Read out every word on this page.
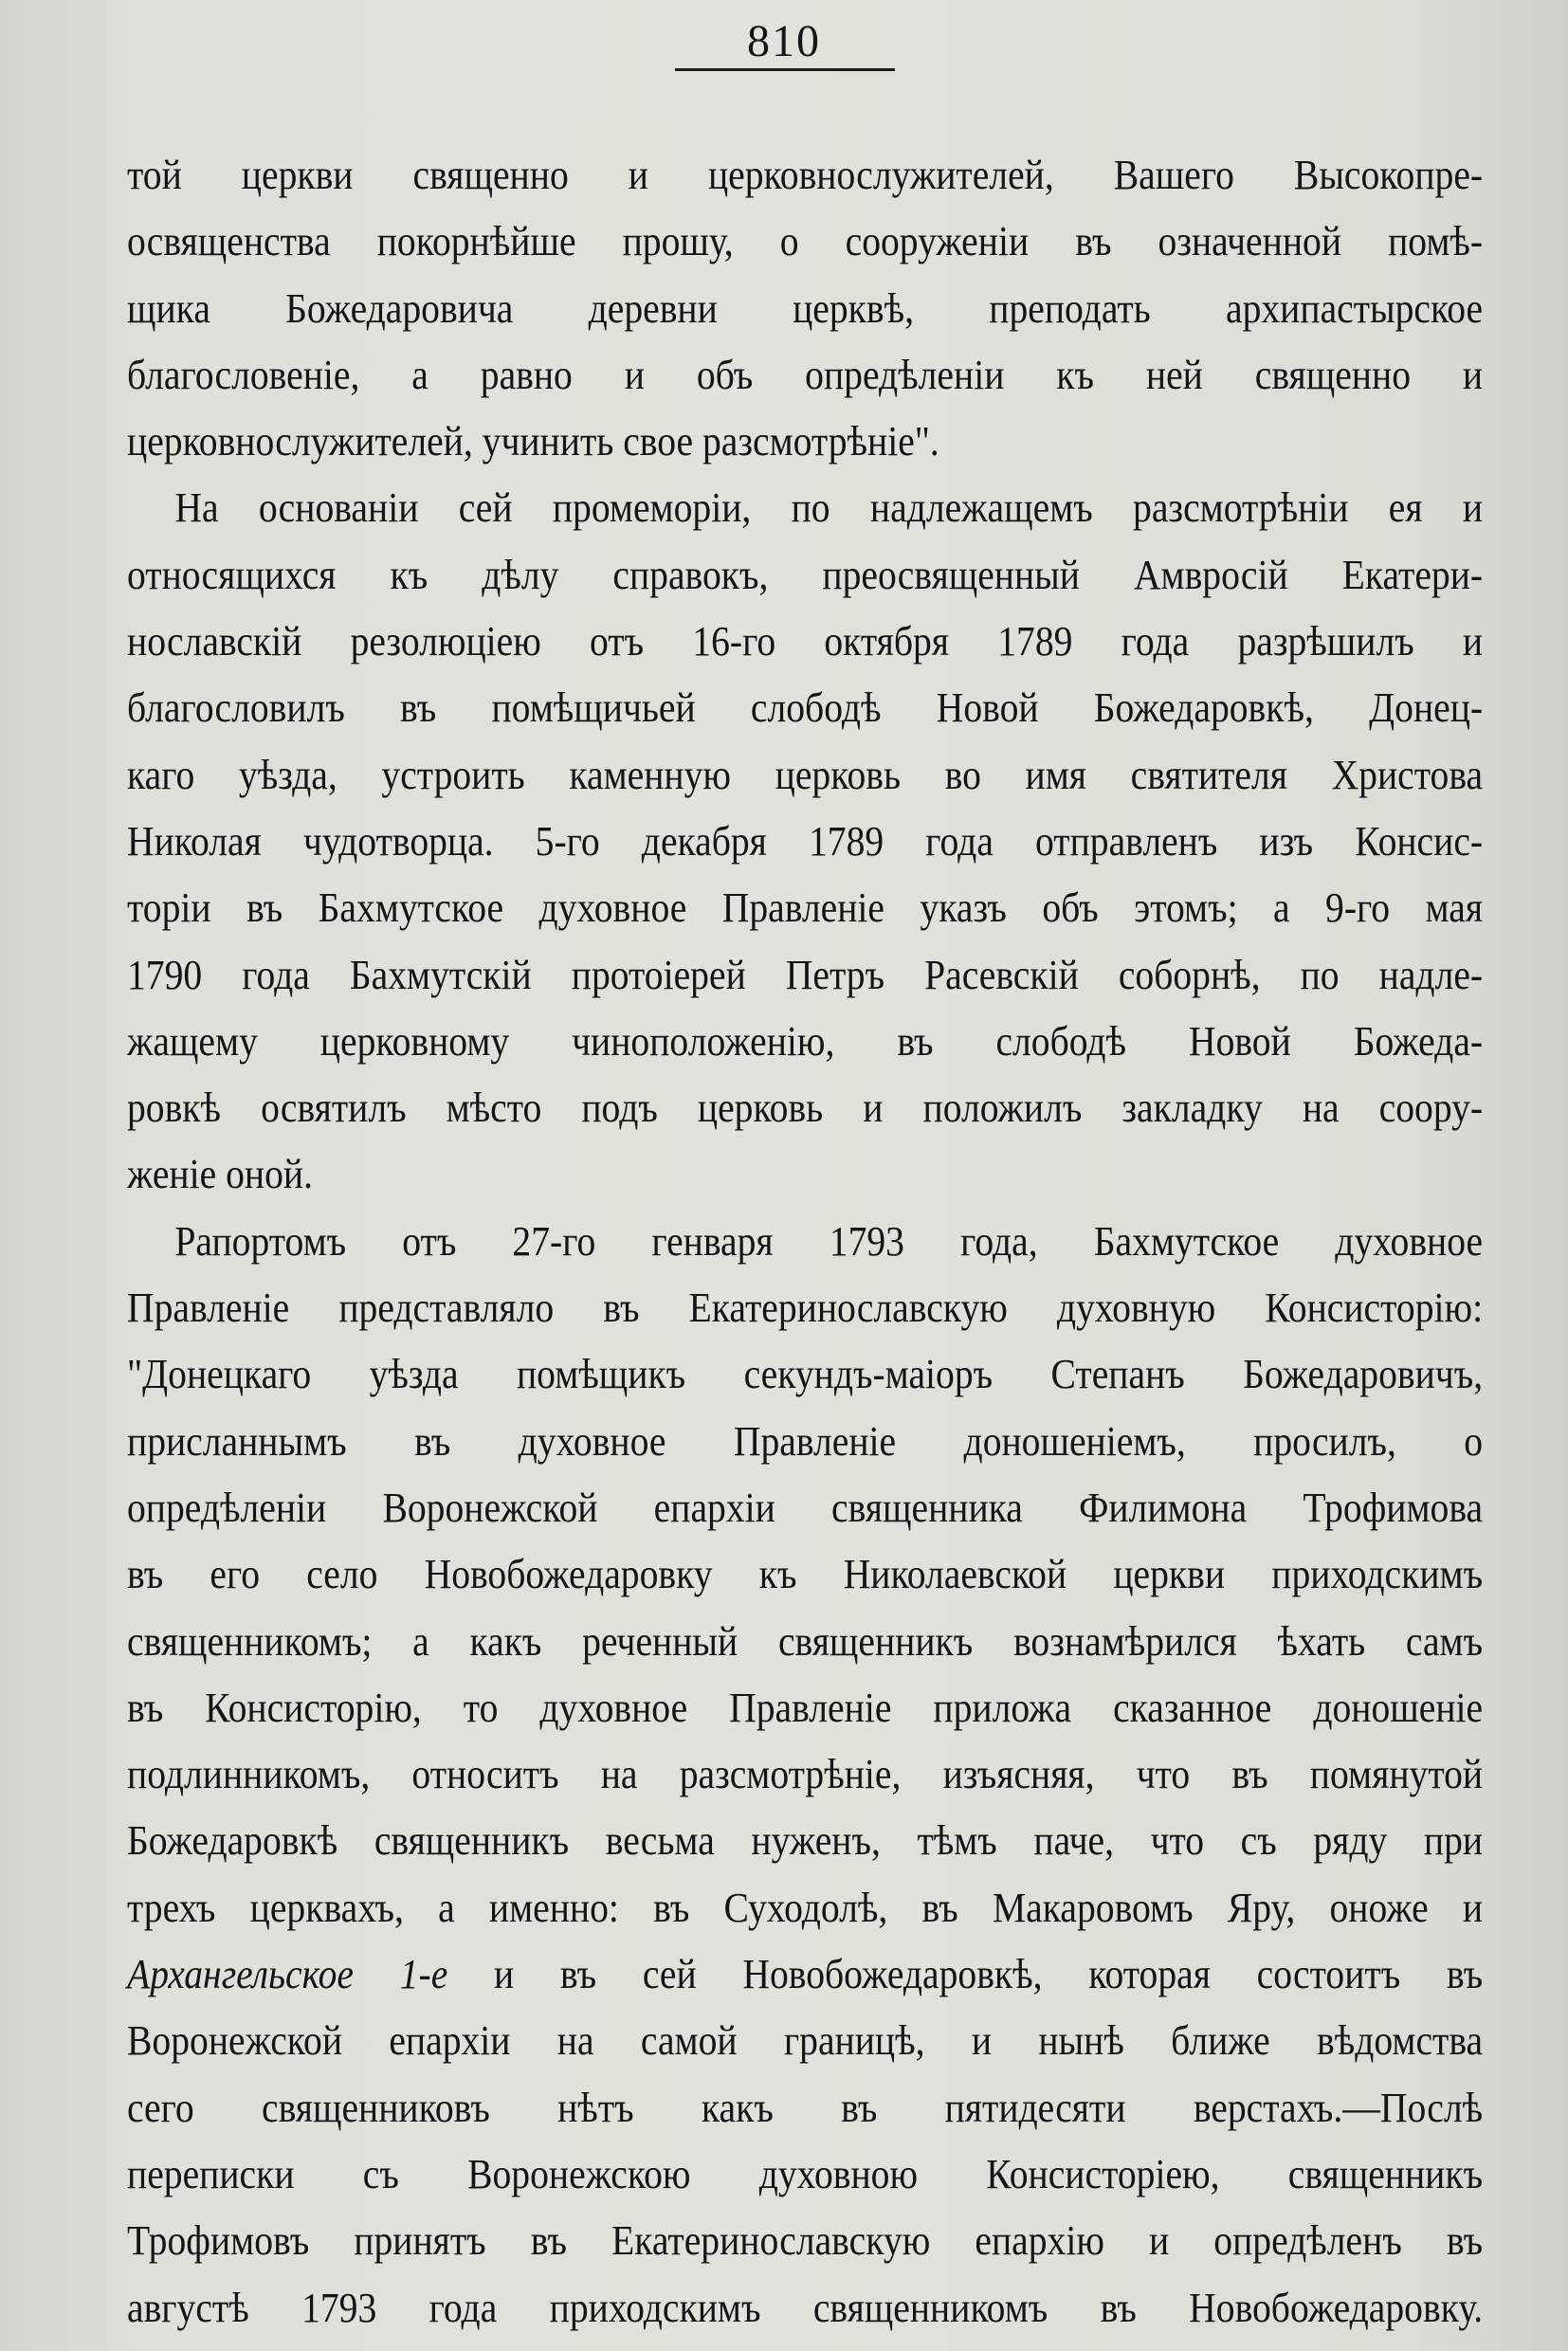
810
той церкви священно и церковнослужителей, Вашего Высокопре-
освященства покорнѣйше прошу, о сооруженіи въ означенной помѣ-
щика Божедаровича деревни церквѣ, преподать архипастырское
благословеніе, а равно и объ опредѣленіи къ ней священно и
церковнослужителей, учинить свое разсмотрѣніе".
На основаніи сей промеморіи, по надлежащемъ разсмотрѣніи ея и
относящихся къ дѣлу справокъ, преосвященный Амвросій Екатери-
нославскій резолюціею отъ 16-го октября 1789 года разрѣшилъ и
благословилъ въ помѣщичьей слободѣ Новой Божедаровкѣ, Донец-
каго уѣзда, устроить каменную церковь во имя святителя Христова
Николая чудотворца. 5-го декабря 1789 года отправленъ изъ Консис-
торіи въ Бахмутское духовное Правленіе указъ объ этомъ; а 9-го мая
1790 года Бахмутскій протоіерей Петръ Расевскій соборнѣ, по надле-
жащему церковному чиноположенію, въ слободѣ Новой Божеда-
ровкѣ освятилъ мѣсто подъ церковь и положилъ закладку на соору-
женіе оной.
Рапортомъ отъ 27-го генваря 1793 года, Бахмутское духовное
Правленіе представляло въ Екатеринославскую духовную Консисторію:
"Донецкаго уѣзда помѣщикъ секундъ-маіоръ Степанъ Божедаровичъ,
присланнымъ въ духовное Правленіе доношеніемъ, просилъ, о
опредѣленіи Воронежской епархіи священника Филимона Трофимова
въ его село Новобожедаровку къ Николаевской церкви приходскимъ
священникомъ; а какъ реченный священникъ вознамѣрился ѣхать самъ
въ Консисторію, то духовное Правленіе приложа сказанное доношеніе
подлинникомъ, относитъ на разсмотрѣніе, изъясняя, что въ помянутой
Божедаровкѣ священникъ весьма нуженъ, тѣмъ паче, что съ ряду при
трехъ церквахъ, а именно: въ Суходолѣ, въ Макаровомъ Яру, оноже и
Архангельское 1-е и въ сей Новобожедаровкѣ, которая состоитъ въ
Воронежской епархіи на самой границѣ, и нынѣ ближе вѣдомства
сего священниковъ нѣтъ какъ въ пятидесяти верстахъ.—Послѣ
переписки съ Воронежскою духовною Консисторіею, священникъ
Трофимовъ принятъ въ Екатеринославскую епархію и опредѣленъ въ
августѣ 1793 года приходскимъ священникомъ въ Новобожедаровку.
